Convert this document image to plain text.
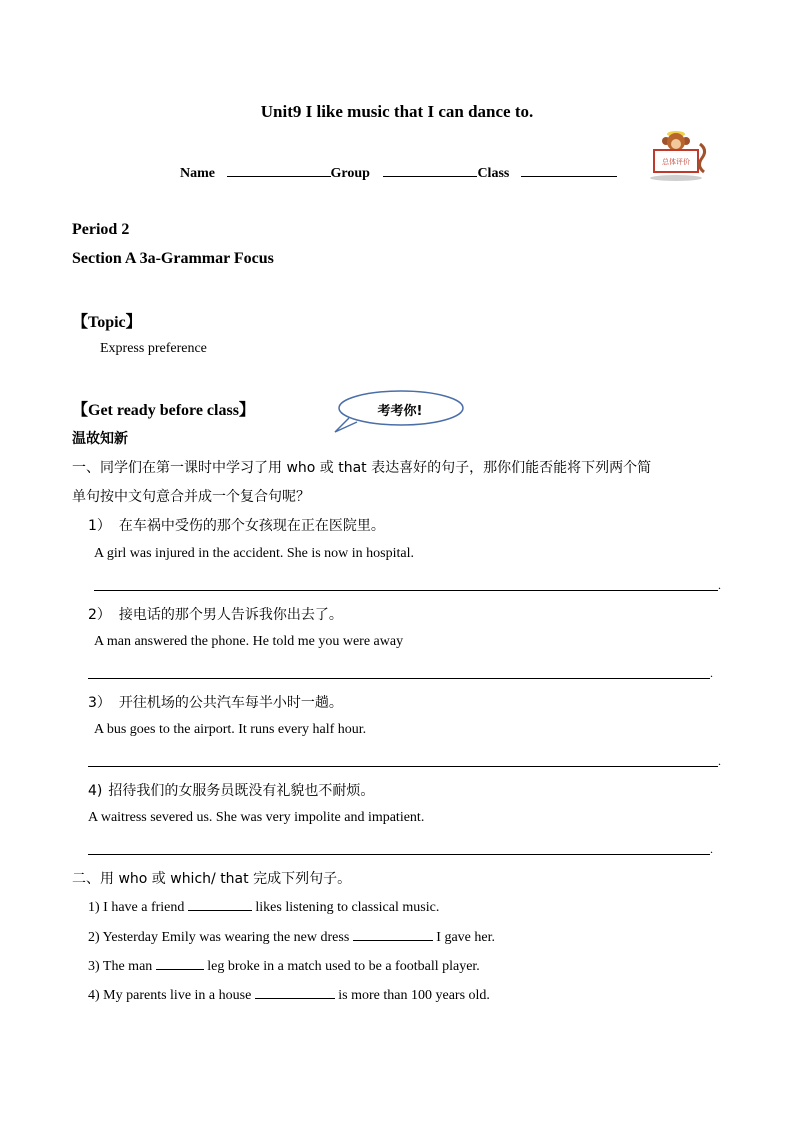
Unit9 I like music that I can dance to.
Name	Group	Class
总体评价
Period 2
Section A 3a-Grammar Focus
【Topic】
Express preference
【Get ready before class】	考考你!
温故知新
一、同学们在第一课时中学习了用 who 或 that 表达喜好的句子，那你们能否能将下列两个简
单句按中文句意合并成一个复合句呢？
1） 在车祸中受伤的那个女孩现在正在医院里。
A girl was injured in the accident. She is now in hospital.
.
2） 接电话的那个男人告诉我你出去了。
A man answered the phone. He told me you were away
.
3） 开往机场的公共汽车每半小时一趟。
A bus goes to the airport. It runs every half hour.
.
4) 招待我们的女服务员既没有礼貌也不耐烦。
A waitress severed us. She was very impolite and impatient.
.
二、用 who 或 which/ that 完成下列句子。
1) I have a friend	likes listening to classical music.
2) Yesterday Emily was wearing the new dress	I gave her.
3) The man	leg broke in a match used to be a football player.
4) My parents live in a house	is more than 100 years old.
